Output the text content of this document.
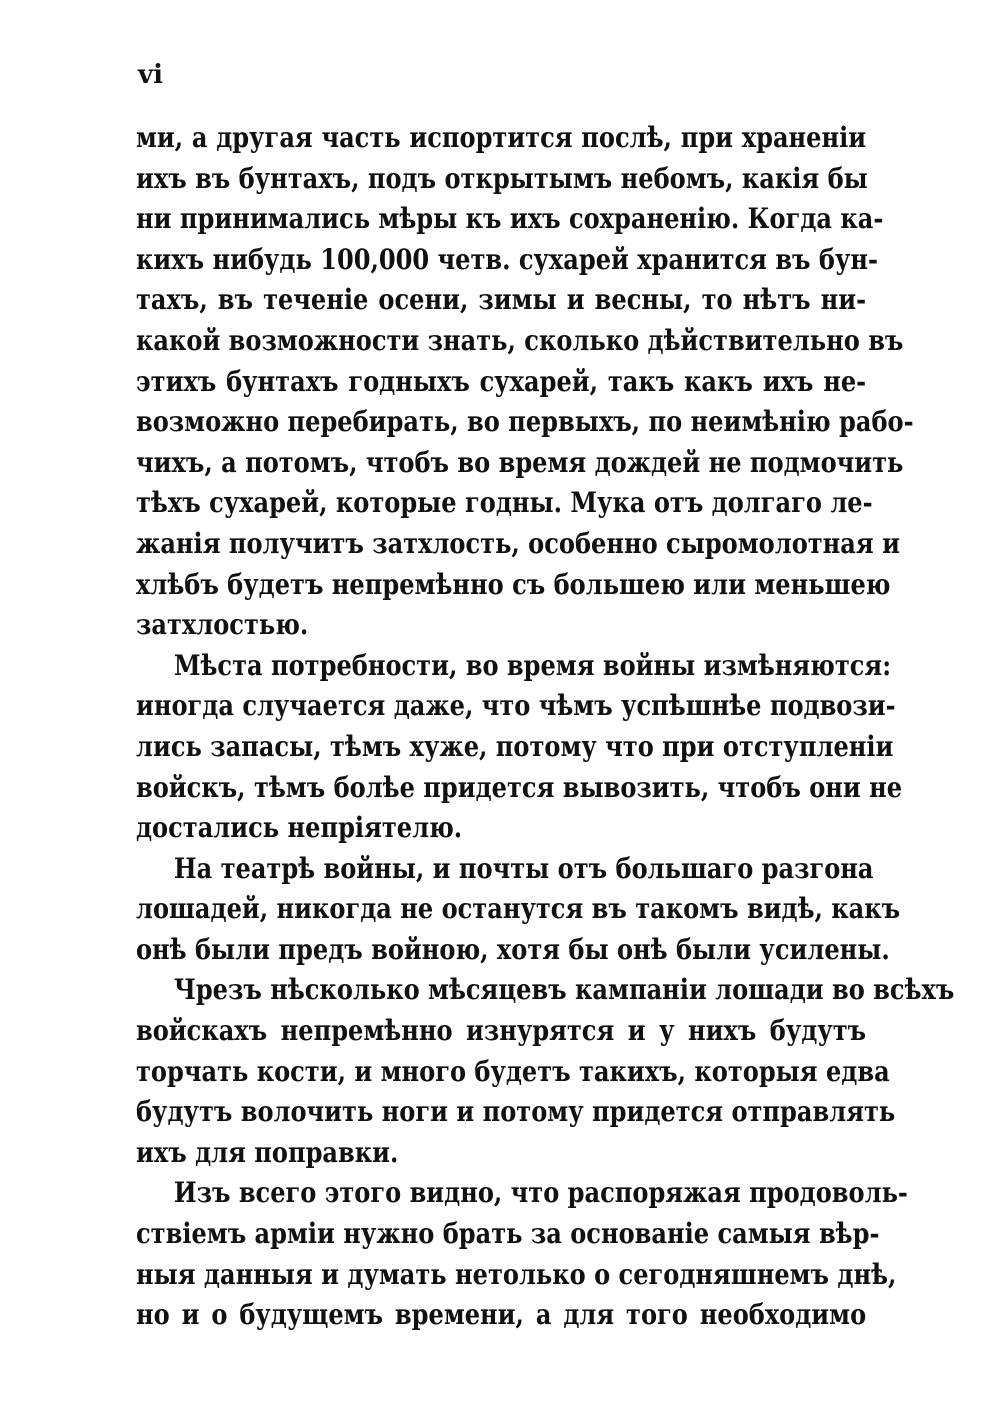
vi
ми, а другая часть испортится послѣ, при храненіи
ихъ въ бунтахъ, подъ открытымъ небомъ, какія бы
ни принимались мѣры къ ихъ сохраненію. Когда ка-
кихъ нибудь 100,000 четв. сухарей хранится въ бун-
тахъ, въ теченіе осени, зимы и весны, то нѣтъ ни-
какой возможности знать, сколько дѣйствительно въ
этихъ бунтахъ годныхъ сухарей, такъ какъ ихъ не-
возможно перебирать, во первыхъ, по неимѣнію рабо-
чихъ, а потомъ, чтобъ во время дождей не подмочить
тѣхъ сухарей, которые годны. Мука отъ долгаго ле-
жанія получитъ затхлость, особенно сыромолотная и
хлѣбъ будетъ непремѣнно съ большею или меньшею
затхлостью.
Мѣста потребности, во время войны измѣняются:
иногда случается даже, что чѣмъ успѣшнѣе подвози-
лись запасы, тѣмъ хуже, потому что при отступленіи
войскъ, тѣмъ болѣе придется вывозить, чтобъ они не
достались непріятелю.
На театрѣ войны, и почты отъ большаго разгона
лошадей, никогда не останутся въ такомъ видѣ, какъ
онѣ были предъ войною, хотя бы онѣ были усилены.
Чрезъ нѣсколько мѣсяцевъ кампаніи лошади во всѣхъ
войскахъ непремѣнно изнурятся и у нихъ будутъ
торчать кости, и много будетъ такихъ, которыя едва
будутъ волочить ноги и потому придется отправлять
ихъ для поправки.
Изъ всего этого видно, что распоряжая продоволь-
ствіемъ арміи нужно брать за основаніе самыя вѣр-
ныя данныя и думать нетолько о сегодняшнемъ днѣ,
но и о будущемъ времени, а для того необходимо
